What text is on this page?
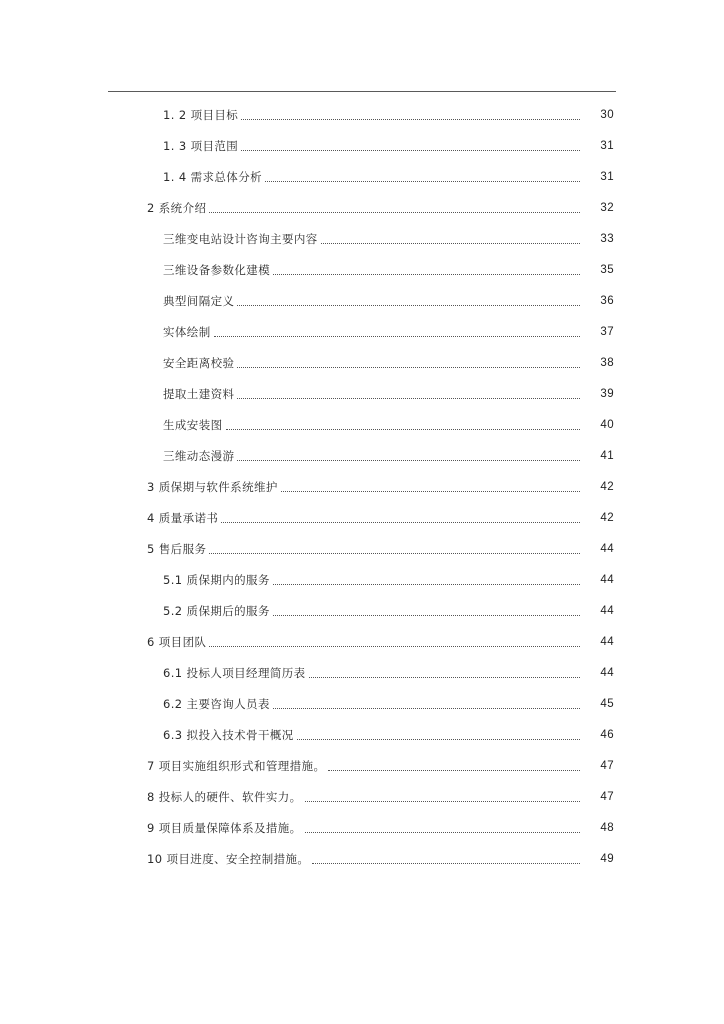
1. 2 项目目标	30
1. 3 项目范围	31
1. 4 需求总体分析	31
2 系统介绍	32
三维变电站设计咨询主要内容	33
三维设备参数化建模	35
典型间隔定义	36
实体绘制	37
安全距离校验	38
提取土建资料	39
生成安装图	40
三维动态漫游	41
3 质保期与软件系统维护	42
4 质量承诺书	42
5 售后服务	44
5.1 质保期内的服务	44
5.2 质保期后的服务	44
6 项目团队	44
6.1 投标人项目经理简历表	44
6.2 主要咨询人员表	45
6.3 拟投入技术骨干概况	46
7 项目实施组织形式和管理措施。	47
8 投标人的硬件、软件实力。	47
9 项目质量保障体系及措施。	48
10 项目进度、安全控制措施。	49
